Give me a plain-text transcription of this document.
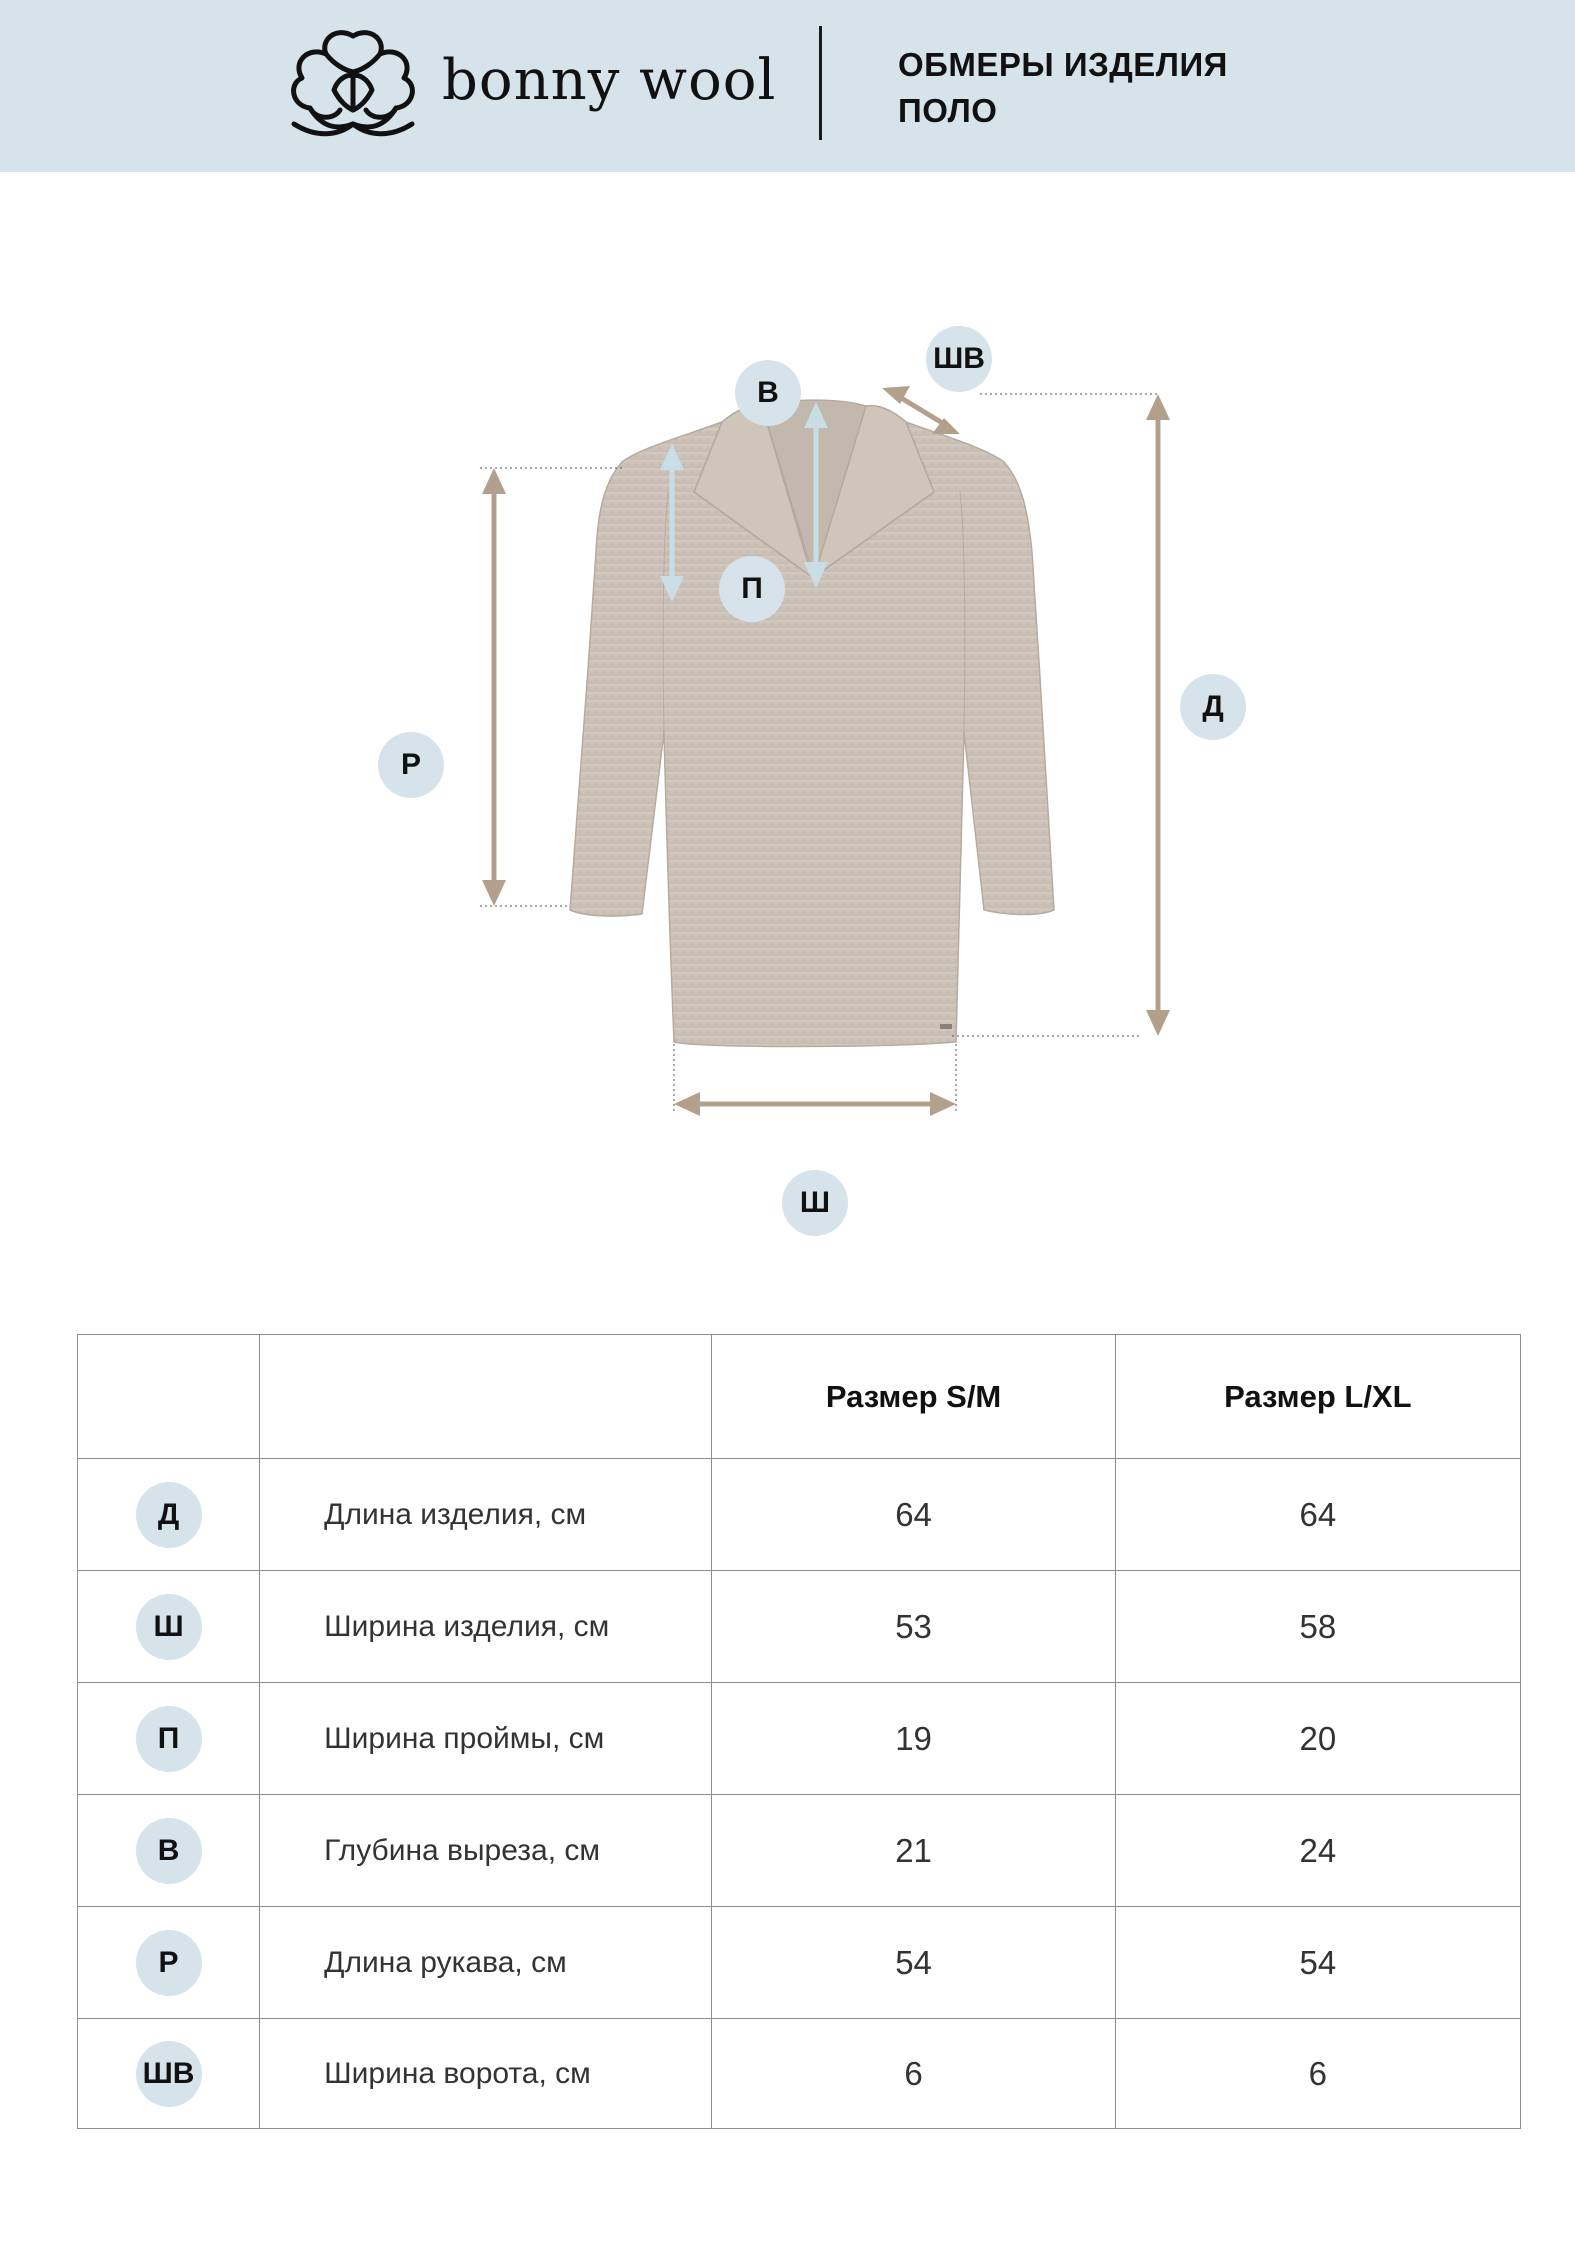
bonny wool	ОБМЕРЫ ИЗДЕЛИЯ
ПОЛО
В
ШВ
П
Р
Д
Ш
		Размер S/M	Размер L/XL
Д	Длина изделия, см	64	64
Ш	Ширина изделия, см	53	58
П	Ширина проймы, см	19	20
В	Глубина выреза, см	21	24
Р	Длина рукава, см	54	54
ШВ	Ширина ворота, см	6	6
